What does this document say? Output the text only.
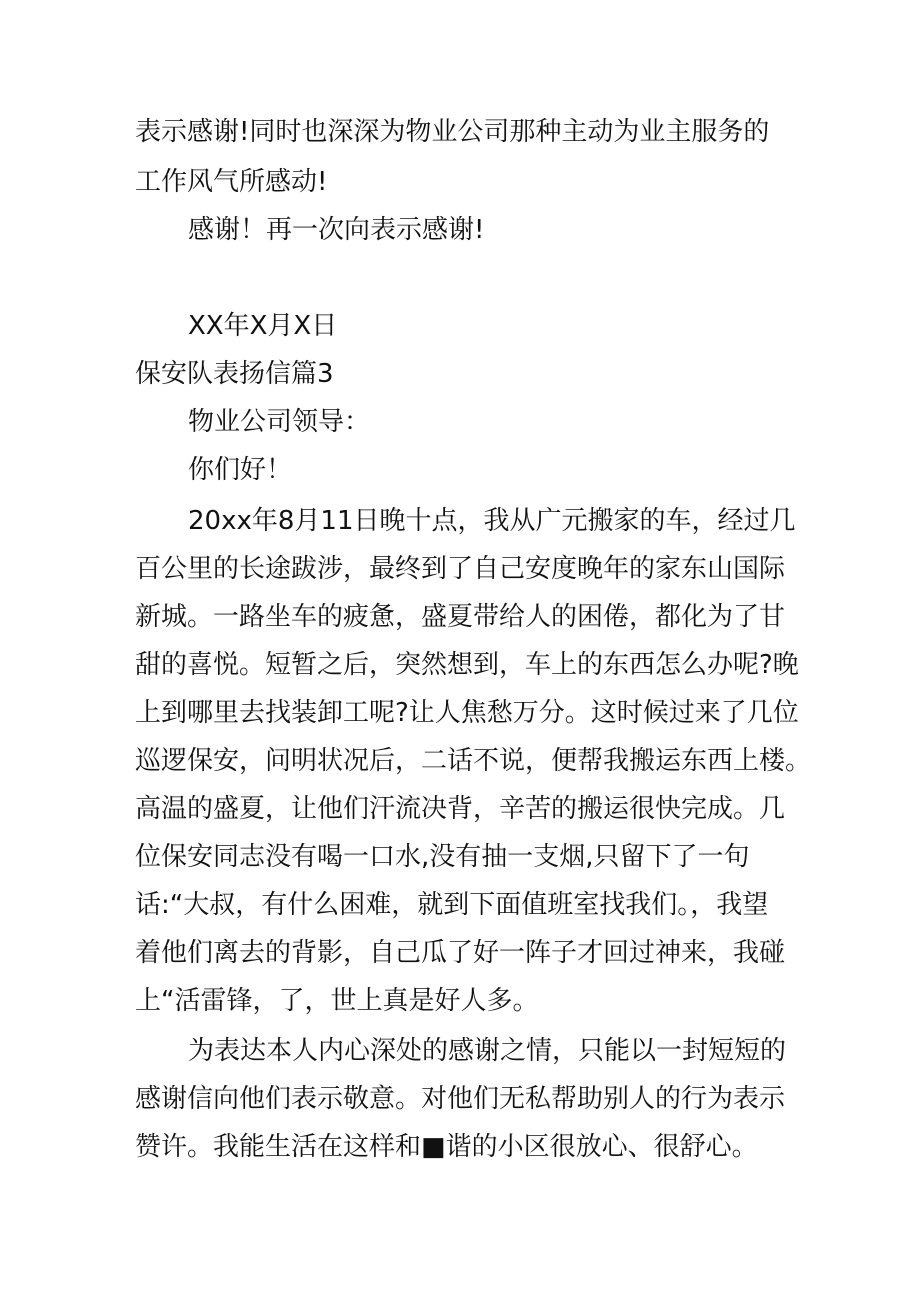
表示感谢!同时也深深为物业公司那种主动为业主服务的
工作风气所感动!
感谢！再一次向表示感谢!
XX年X月X日
保安队表扬信篇3
物业公司领导：
你们好！
20xx年8月11日晚十点，我从广元搬家的车，经过几
百公里的长途跋涉，最终到了自己安度晚年的家东山国际
新城。一路坐车的疲惫，盛夏带给人的困倦，都化为了甘
甜的喜悦。短暂之后，突然想到，车上的东西怎么办呢?晚
上到哪里去找装卸工呢?让人焦愁万分。这时候过来了几位
巡逻保安，问明状况后，二话不说，便帮我搬运东西上楼。
高温的盛夏，让他们汗流决背，辛苦的搬运很快完成。几
位保安同志没有喝一口水,没有抽一支烟,只留下了一句
话:“大叔，有什么困难，就到下面值班室找我们。，我望
着他们离去的背影，自己瓜了好一阵子才回过神来，我碰
上“活雷锋，了，世上真是好人多。
为表达本人内心深处的感谢之情，只能以一封短短的
感谢信向他们表示敬意。对他们无私帮助别人的行为表示
赞许。我能生活在这样和■谐的小区很放心、很舒心。
